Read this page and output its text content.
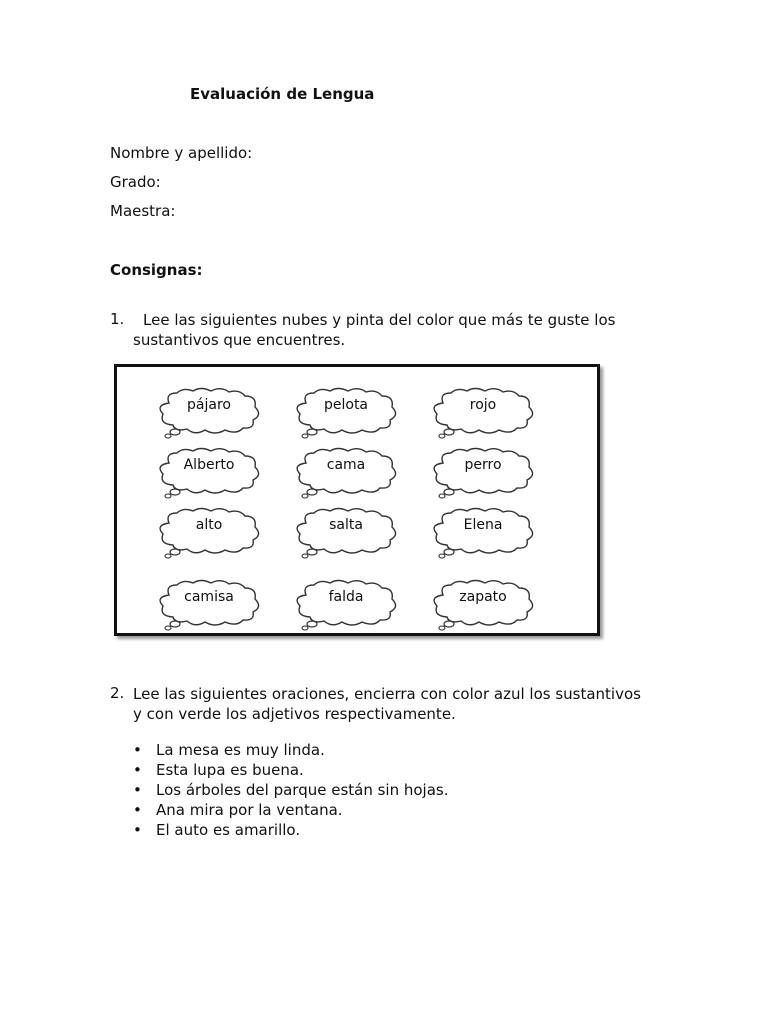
Evaluación de Lengua
Nombre y apellido:
Grado:
Maestra:
Consignas:
1. Lee las siguientes nubes y pinta del color que más te guste los
sustantivos que encuentres.
pájaro	pelota	rojo
Alberto	cama	perro
alto	salta	Elena
camisa	falda	zapato
2. Lee las siguientes oraciones, encierra con color azul los sustantivos
y con verde los adjetivos respectivamente.
• La mesa es muy linda.
• Esta lupa es buena.
• Los árboles del parque están sin hojas.
• Ana mira por la ventana.
• El auto es amarillo.
